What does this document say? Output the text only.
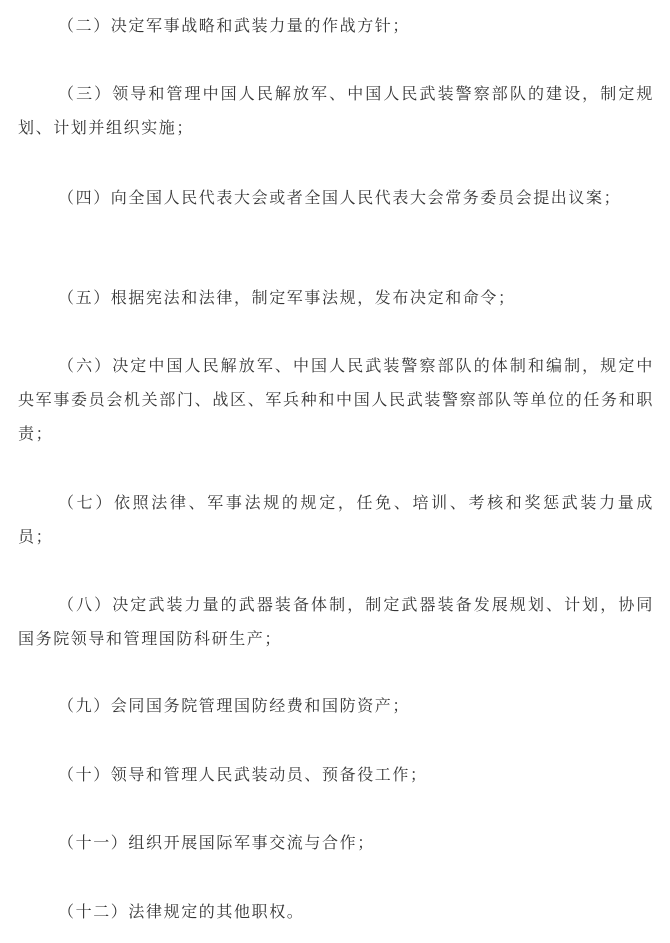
（二）决定军事战略和武装力量的作战方针；

（三）领导和管理中国人民解放军、中国人民武装警察部队的建设，制定规划、计划并组织实施；

（四）向全国人民代表大会或者全国人民代表大会常务委员会提出议案；

（五）根据宪法和法律，制定军事法规，发布决定和命令；

（六）决定中国人民解放军、中国人民武装警察部队的体制和编制，规定中央军事委员会机关部门、战区、军兵种和中国人民武装警察部队等单位的任务和职责；

（七）依照法律、军事法规的规定，任免、培训、考核和奖惩武装力量成员；

（八）决定武装力量的武器装备体制，制定武器装备发展规划、计划，协同国务院领导和管理国防科研生产；

（九）会同国务院管理国防经费和国防资产；

（十）领导和管理人民武装动员、预备役工作；

（十一）组织开展国际军事交流与合作；

（十二）法律规定的其他职权。
